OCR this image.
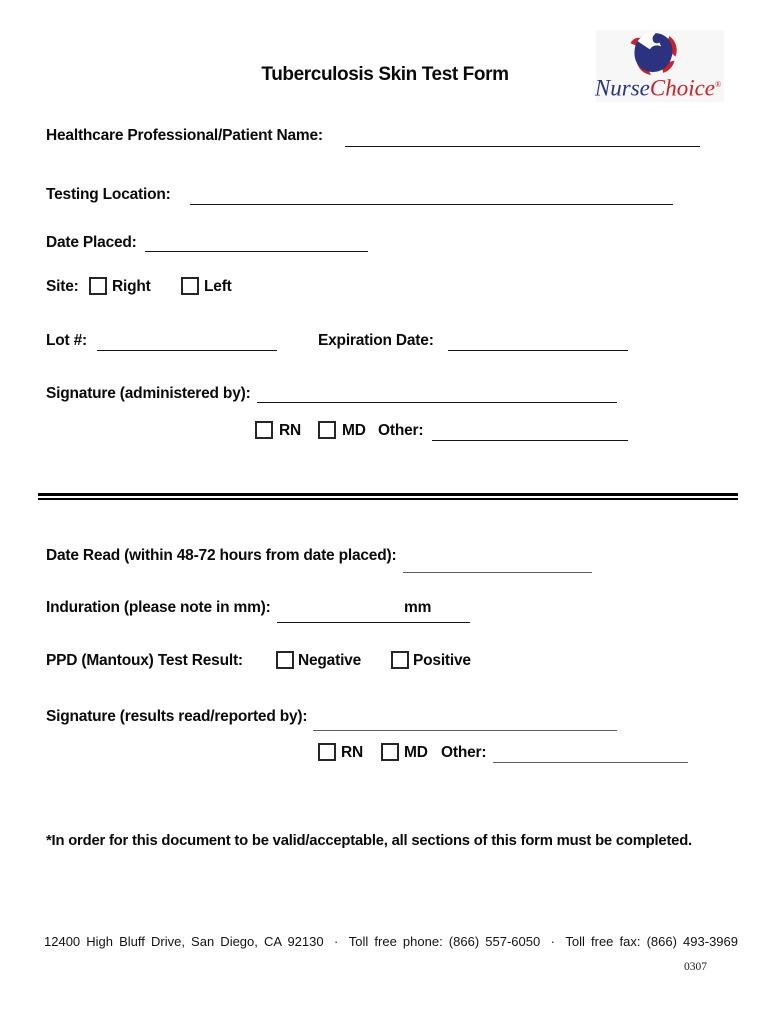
Tuberculosis Skin Test Form
NurseChoice®
Healthcare Professional/Patient Name:
Testing Location:
Date Placed:
Site: Right	Left
Lot #:	Expiration Date:
Signature (administered by):
RN	MD Other:
Date Read (within 48-72 hours from date placed):
Induration (please note in mm):	mm
PPD (Mantoux) Test Result:	Negative	Positive
Signature (results read/reported by):
RN	MD Other:
*In order for this document to be valid/acceptable, all sections of this form must be completed.
12400 High Bluff Drive, San Diego, CA 92130 · Toll free phone: (866) 557-6050 · Toll free fax: (866) 493-3969
0307
